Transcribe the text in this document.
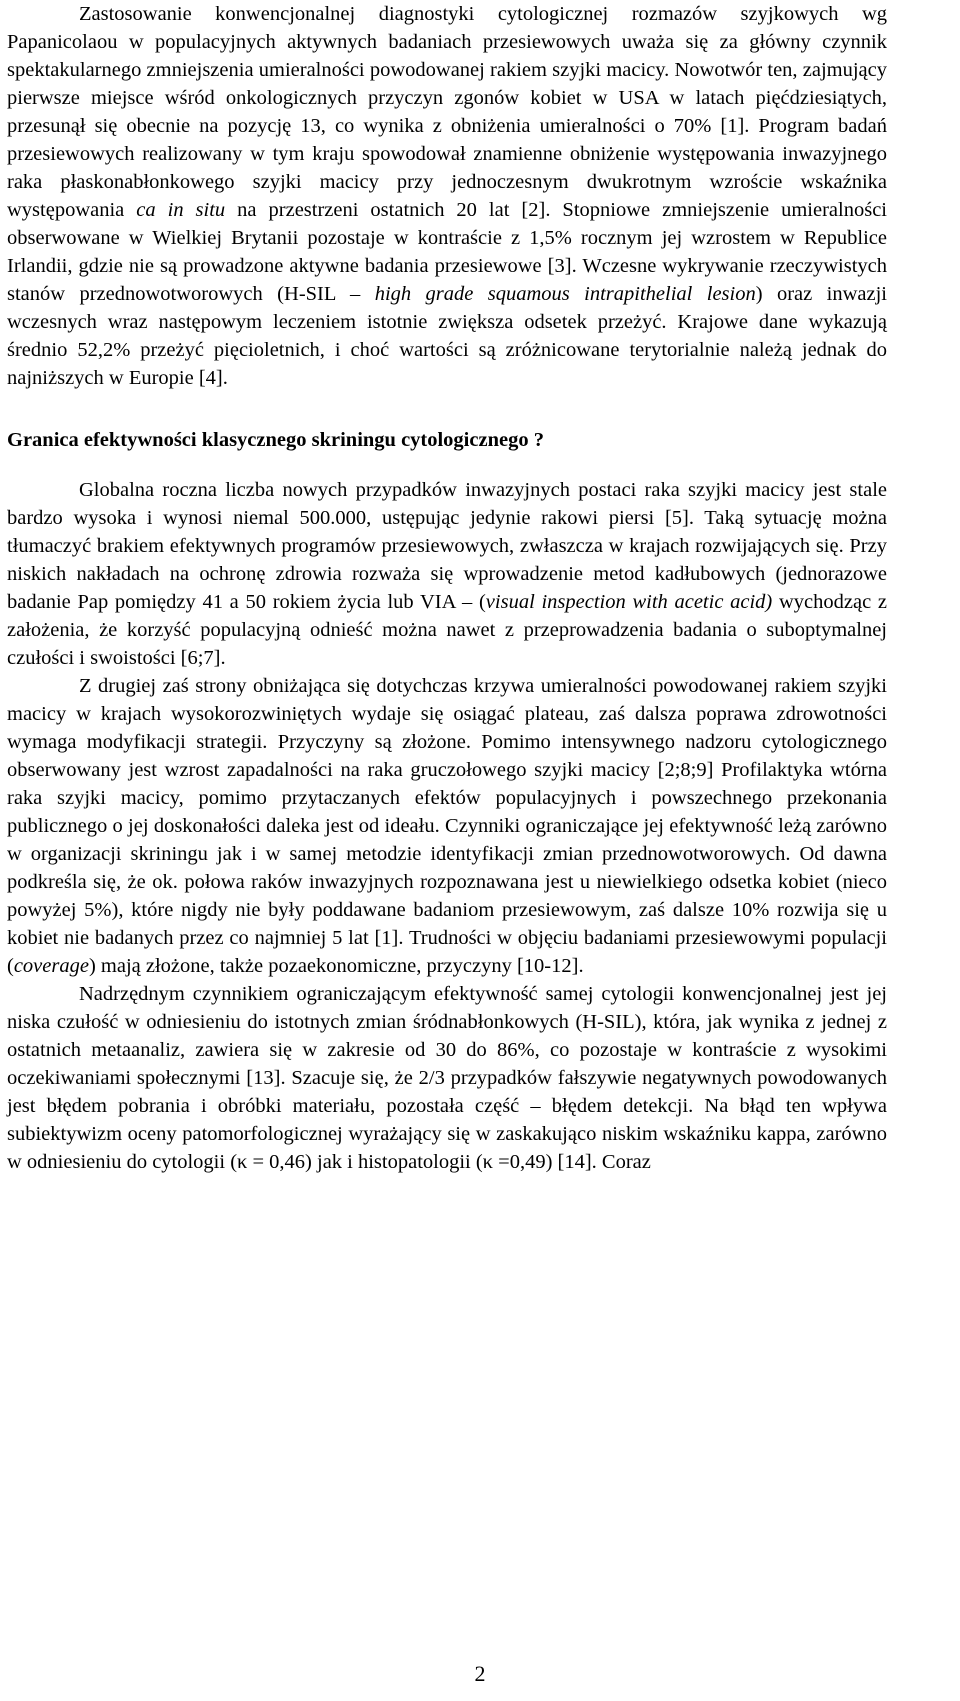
Zastosowanie konwencjonalnej diagnostyki cytologicznej rozmazów szyjkowych wg Papanicolaou w populacyjnych aktywnych badaniach przesiewowych uważa się za główny czynnik spektakularnego zmniejszenia umieralności powodowanej rakiem szyjki macicy. Nowotwór ten, zajmujący pierwsze miejsce wśród onkologicznych przyczyn zgonów kobiet w USA w latach pięćdziesiątych, przesunął się obecnie na pozycję 13, co wynika z obniżenia umieralności o 70% [1]. Program badań przesiewowych realizowany w tym kraju spowodował znamienne obniżenie występowania inwazyjnego raka płaskonabłonkowego szyjki macicy przy jednoczesnym dwukrotnym wzroście wskaźnika występowania ca in situ na przestrzeni ostatnich 20 lat [2]. Stopniowe zmniejszenie umieralności obserwowane w Wielkiej Brytanii pozostaje w kontraście z 1,5% rocznym jej wzrostem w Republice Irlandii, gdzie nie są prowadzone aktywne badania przesiewowe [3]. Wczesne wykrywanie rzeczywistych stanów przednowotworowych (H-SIL – high grade squamous intrapithelial lesion) oraz inwazji wczesnych wraz następowym leczeniem istotnie zwiększa odsetek przeżyć. Krajowe dane wykazują średnio 52,2% przeżyć pięcioletnich, i choć wartości są zróżnicowane terytorialnie należą jednak do najniższych w Europie [4].

Granica efektywności klasycznego skriningu cytologicznego ?

Globalna roczna liczba nowych przypadków inwazyjnych postaci raka szyjki macicy jest stale bardzo wysoka i wynosi niemal 500.000, ustępując jedynie rakowi piersi [5]. Taką sytuację można tłumaczyć brakiem efektywnych programów przesiewowych, zwłaszcza w krajach rozwijających się. Przy niskich nakładach na ochronę zdrowia rozważa się wprowadzenie metod kadłubowych (jednorazowe badanie Pap pomiędzy 41 a 50 rokiem życia lub VIA – (visual inspection with acetic acid) wychodząc z założenia, że korzyść populacyjną odnieść można nawet z przeprowadzenia badania o suboptymalnej czułości i swoistości [6;7].

Z drugiej zaś strony obniżająca się dotychczas krzywa umieralności powodowanej rakiem szyjki macicy w krajach wysokorozwiniętych wydaje się osiągać plateau, zaś dalsza poprawa zdrowotności wymaga modyfikacji strategii. Przyczyny są złożone. Pomimo intensywnego nadzoru cytologicznego obserwowany jest wzrost zapadalności na raka gruczołowego szyjki macicy [2;8;9] Profilaktyka wtórna raka szyjki macicy, pomimo przytaczanych efektów populacyjnych i powszechnego przekonania publicznego o jej doskonałości daleka jest od ideału. Czynniki ograniczające jej efektywność leżą zarówno w organizacji skriningu jak i w samej metodzie identyfikacji zmian przednowotworowych. Od dawna podkreśla się, że ok. połowa raków inwazyjnych rozpoznawana jest u niewielkiego odsetka kobiet (nieco powyżej 5%), które nigdy nie były poddawane badaniom przesiewowym, zaś dalsze 10% rozwija się u kobiet nie badanych przez co najmniej 5 lat [1]. Trudności w objęciu badaniami przesiewowymi populacji (coverage) mają złożone, także pozaekonomiczne, przyczyny [10-12].

Nadrzędnym czynnikiem ograniczającym efektywność samej cytologii konwencjonalnej jest jej niska czułość w odniesieniu do istotnych zmian śródnabłonkowych (H-SIL), która, jak wynika z jednej z ostatnich metaanaliz, zawiera się w zakresie od 30 do 86%, co pozostaje w kontraście z wysokimi oczekiwaniami społecznymi [13]. Szacuje się, że 2/3 przypadków fałszywie negatywnych powodowanych jest błędem pobrania i obróbki materiału, pozostała część – błędem detekcji. Na błąd ten wpływa subiektywizm oceny patomorfologicznej wyrażający się w zaskakująco niskim wskaźniku kappa, zarówno w odniesieniu do cytologii (κ = 0,46) jak i histopatologii (κ =0,49) [14]. Coraz

2
